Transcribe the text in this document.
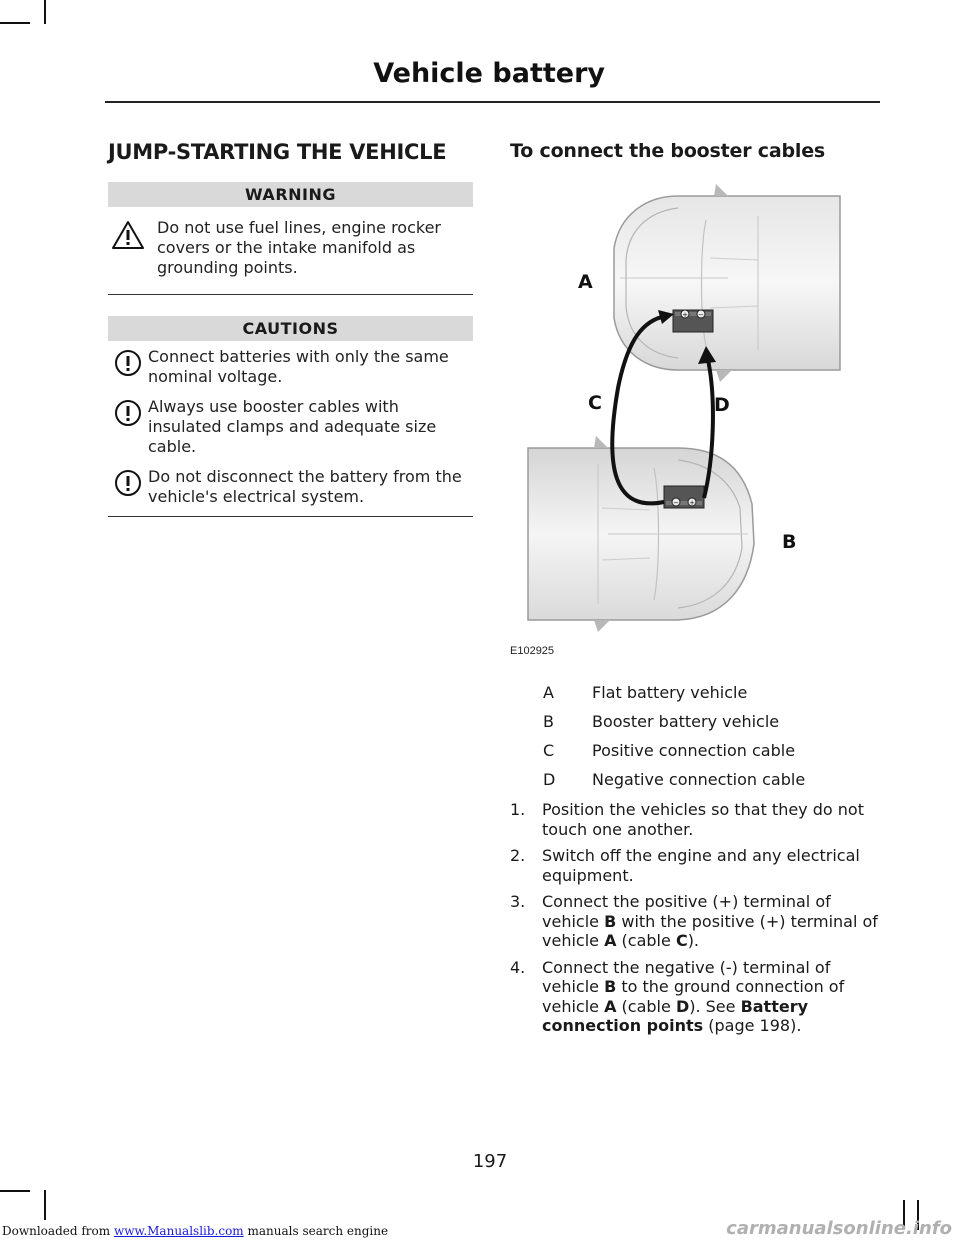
Vehicle battery
JUMP-STARTING THE VEHICLE
WARNING
Do not use fuel lines, engine rocker covers or the intake manifold as grounding points.
CAUTIONS
Connect batteries with only the same nominal voltage.
Always use booster cables with insulated clamps and adequate size cable.
Do not disconnect the battery from the vehicle's electrical system.
To connect the booster cables
+ −
− +
A
C	D
B
E102925
A	Flat battery vehicle
B	Booster battery vehicle
C	Positive connection cable
D	Negative connection cable
1.	Position the vehicles so that they do not touch one another.
2.	Switch off the engine and any electrical equipment.
3.	Connect the positive (+) terminal of vehicle B with the positive (+) terminal of vehicle A (cable C).
4.	Connect the negative (-) terminal of vehicle B to the ground connection of vehicle A (cable D). See Battery connection points (page 198).
197
Downloaded from www.Manualslib.com manuals search engine	carmanualsonline.info
